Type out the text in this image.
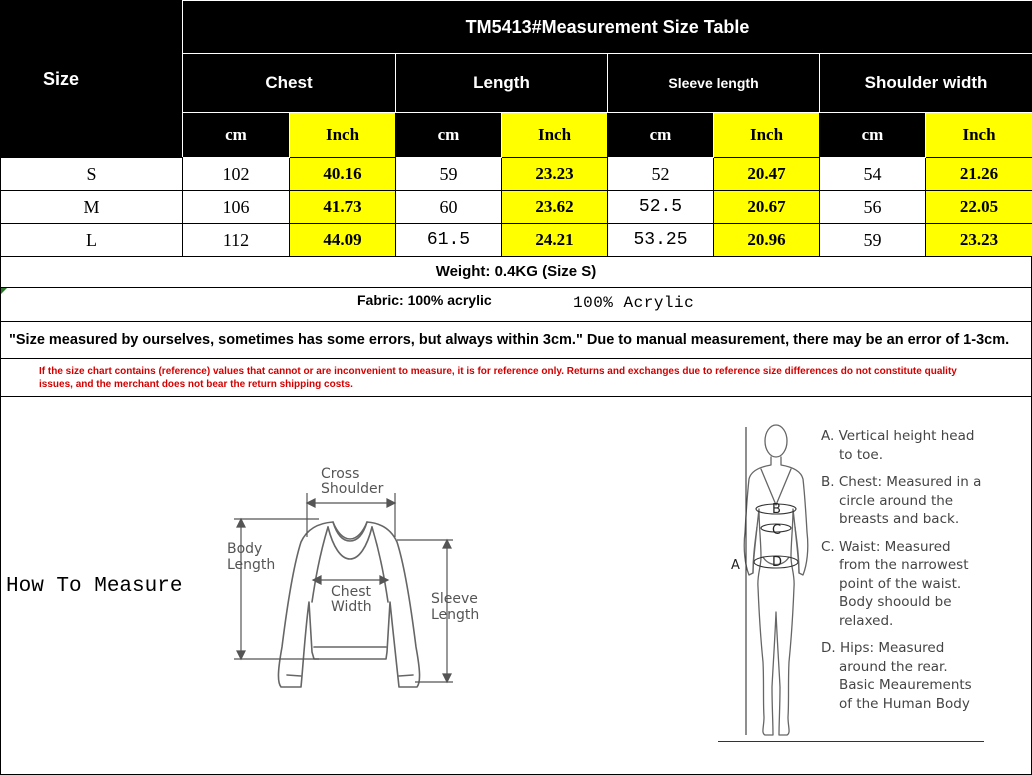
Size	TM5413#Measurement Size Table							
	Chest		Length		Sleeve length		Shoulder width	
	cm	Inch	cm	Inch	cm	Inch	cm	Inch
S	102	40.16	59	23.23	52	20.47	54	21.26
M	106	41.73	60	23.62	52.5	20.67	56	22.05
L	112	44.09	61.5	24.21	53.25	20.96	59	23.23
Weight: 0.4KG (Size S)
Fabric: 100% acrylic	100% Acrylic
"Size measured by ourselves, sometimes has some errors, but always within 3cm." Due to manual measurement, there may be an error of 1-3cm.
If the size chart contains (reference) values that cannot or are inconvenient to measure, it is for reference only. Returns and exchanges due to reference size differences do not constitute quality issues, and the merchant does not bear the return shipping costs.
How To Measure
Cross
Shoulder
Body
Length
Chest
Width	Sleeve
Length
B
C
D
A
A. Vertical height head
to toe.
B. Chest: Measured in a
circle around the
breasts and back.
C. Waist: Measured
from the narrowest
point of the waist.
Body shoould be
relaxed.
D. Hips: Measured
around the rear.
Basic Meaurements
of the Human Body
